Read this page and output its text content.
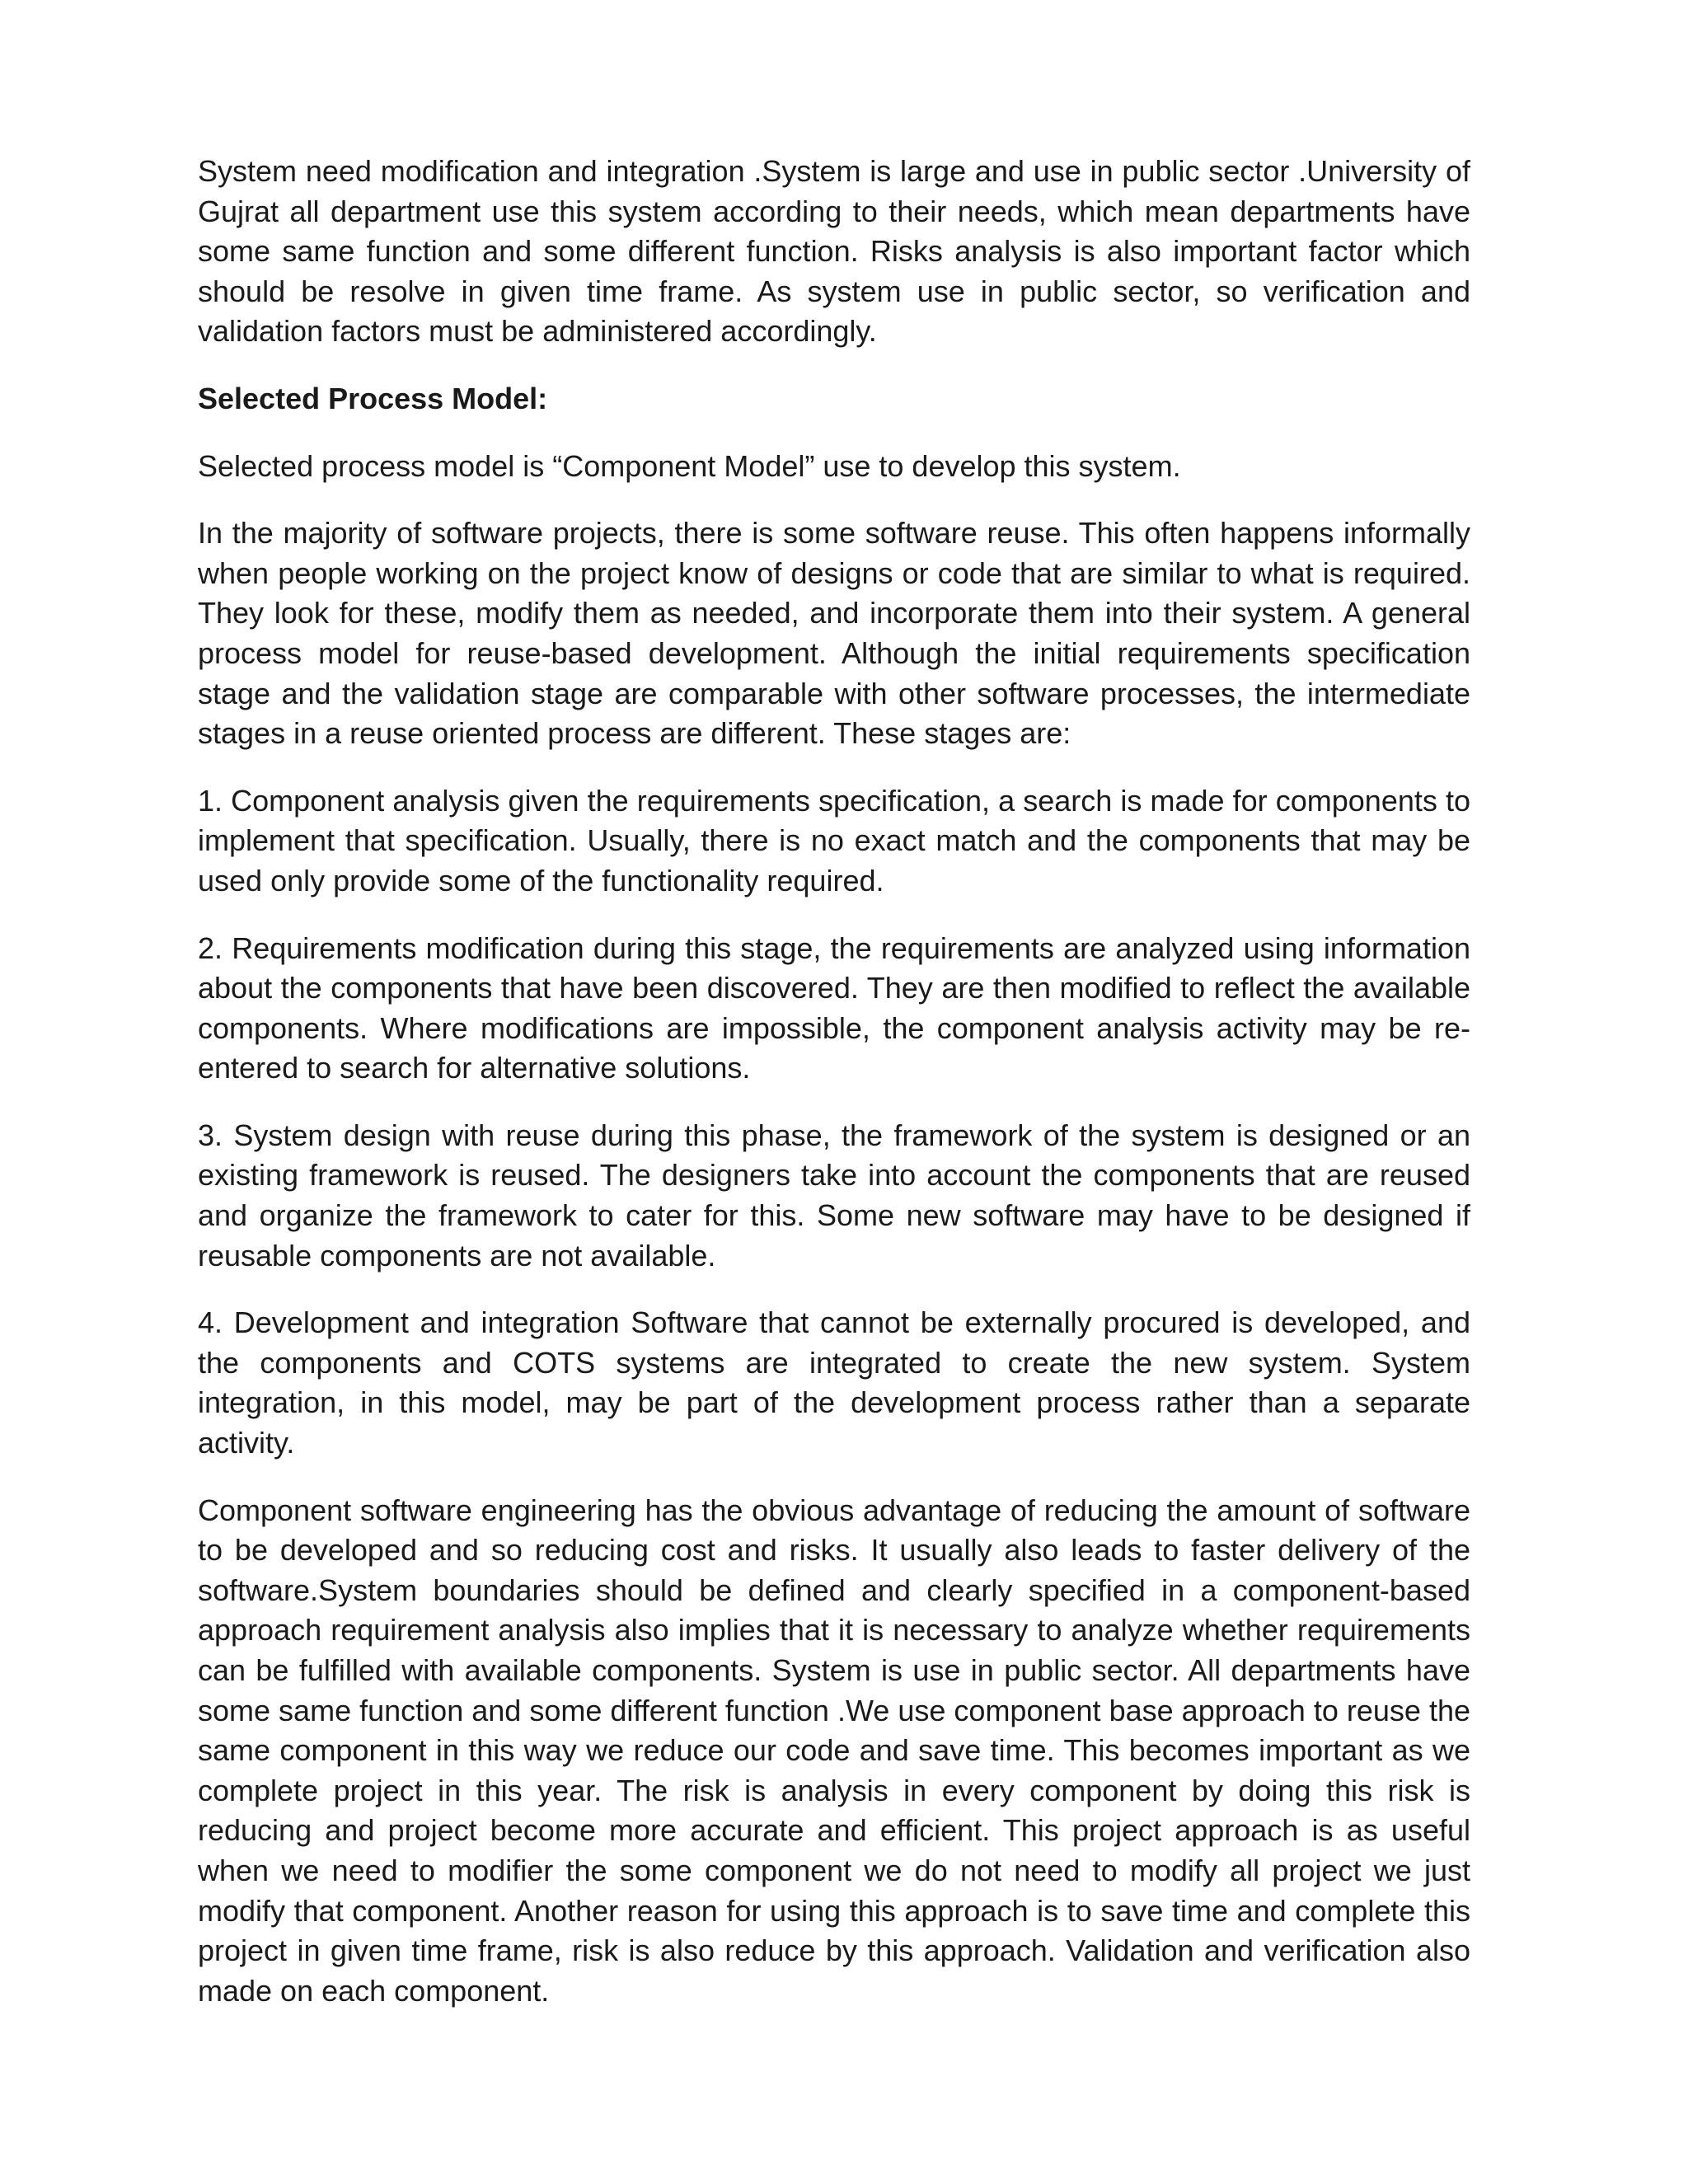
System need modification and integration .System is large and use in public sector .University of Gujrat all department use this system according to their needs, which mean departments have some same function and some different function. Risks analysis is also important factor which should be resolve in given time frame. As system use in public sector, so verification and validation factors must be administered accordingly.

Selected Process Model:

Selected process model is “Component Model” use to develop this system.

In the majority of software projects, there is some software reuse. This often happens informally when people working on the project know of designs or code that are similar to what is required. They look for these, modify them as needed, and incorporate them into their system. A general process model for reuse-based development. Although the initial requirements specification stage and the validation stage are comparable with other software processes, the intermediate stages in a reuse oriented process are different. These stages are:

1. Component analysis given the requirements specification, a search is made for components to implement that specification. Usually, there is no exact match and the components that may be used only provide some of the functionality required.

2. Requirements modification during this stage, the requirements are analyzed using information about the components that have been discovered. They are then modified to reflect the available components. Where modifications are impossible, the component analysis activity may be re-entered to search for alternative solutions.

3. System design with reuse during this phase, the framework of the system is designed or an existing framework is reused. The designers take into account the components that are reused and organize the framework to cater for this. Some new software may have to be designed if reusable components are not available.

4. Development and integration Software that cannot be externally procured is developed, and the components and COTS systems are integrated to create the new system. System integration, in this model, may be part of the development process rather than a separate activity.

Component software engineering has the obvious advantage of reducing the amount of software to be developed and so reducing cost and risks. It usually also leads to faster delivery of the software.System boundaries should be defined and clearly specified in a component-based approach requirement analysis also implies that it is necessary to analyze whether requirements can be fulfilled with available components. System is use in public sector. All departments have some same function and some different function .We use component base approach to reuse the same component in this way we reduce our code and save time. This becomes important as we complete project in this year. The risk is analysis in every component by doing this risk is reducing and project become more accurate and efficient. This project approach is as useful when we need to modifier the some component we do not need to modify all project we just modify that component. Another reason for using this approach is to save time and complete this project in given time frame, risk is also reduce by this approach. Validation and verification also made on each component.
